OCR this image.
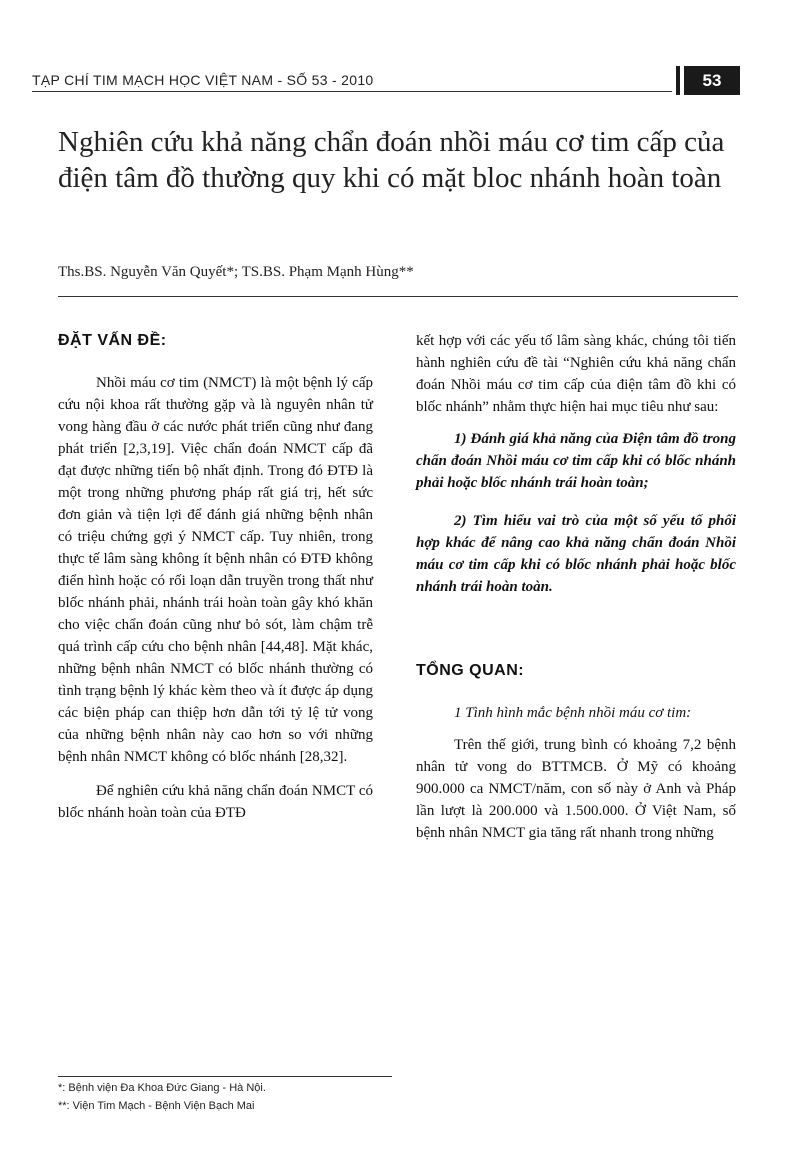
TẠP CHÍ TIM MẠCH HỌC VIỆT NAM - SỐ 53 - 2010	53
Nghiên cứu khả năng chẩn đoán nhồi máu cơ tim cấp của điện tâm đồ thường quy khi có mặt bloc nhánh hoàn toàn
Ths.BS. Nguyễn Văn Quyết*; TS.BS. Phạm Mạnh Hùng**
ĐẶT VẤN ĐỀ:

Nhồi máu cơ tim (NMCT) là một bệnh lý cấp cứu nội khoa rất thường gặp và là nguyên nhân tử vong hàng đầu ở các nước phát triển cũng như đang phát triển [2,3,19]. Việc chẩn đoán NMCT cấp đã đạt được những tiến bộ nhất định. Trong đó ĐTĐ là một trong những phương pháp rất giá trị, hết sức đơn giản và tiện lợi để đánh giá những bệnh nhân có triệu chứng gợi ý NMCT cấp. Tuy nhiên, trong thực tế lâm sàng không ít bệnh nhân có ĐTĐ không điển hình hoặc có rối loạn dẫn truyền trong thất như blốc nhánh phải, nhánh trái hoàn toàn gây khó khăn cho việc chẩn đoán cũng như bỏ sót, làm chậm trễ quá trình cấp cứu cho bệnh nhân [44,48]. Mặt khác, những bệnh nhân NMCT có blốc nhánh thường có tình trạng bệnh lý khác kèm theo và ít được áp dụng các biện pháp can thiệp hơn dẫn tới tỷ lệ tử vong của những bệnh nhân này cao hơn so với những bệnh nhân NMCT không có blốc nhánh [28,32].

Để nghiên cứu khả năng chẩn đoán NMCT có blốc nhánh hoàn toàn của ĐTĐ

kết hợp với các yếu tố lâm sàng khác, chúng tôi tiến hành nghiên cứu đề tài “Nghiên cứu khả năng chẩn đoán Nhồi máu cơ tim cấp của điện tâm đồ khi có blốc nhánh” nhằm thực hiện hai mục tiêu như sau:

1) Đánh giá khả năng của Điện tâm đồ trong chẩn đoán Nhồi máu cơ tim cấp khi có blốc nhánh phải hoặc blốc nhánh trái hoàn toàn;

2) Tìm hiểu vai trò của một số yếu tố phối hợp khác để nâng cao khả năng chẩn đoán Nhồi máu cơ tim cấp khi có blốc nhánh phải hoặc blốc nhánh trái hoàn toàn.

TỔNG QUAN:

1 Tình hình mắc bệnh nhồi máu cơ tim:

Trên thế giới, trung bình có khoảng 7,2 bệnh nhân tử vong do BTTMCB. Ở Mỹ có khoảng 900.000 ca NMCT/năm, con số này ở Anh và Pháp lần lượt là 200.000 và 1.500.000. Ở Việt Nam, số bệnh nhân NMCT gia tăng rất nhanh trong những

*: Bệnh viện Đa Khoa Đức Giang - Hà Nội.
**: Viện Tim Mạch - Bệnh Viện Bạch Mai
